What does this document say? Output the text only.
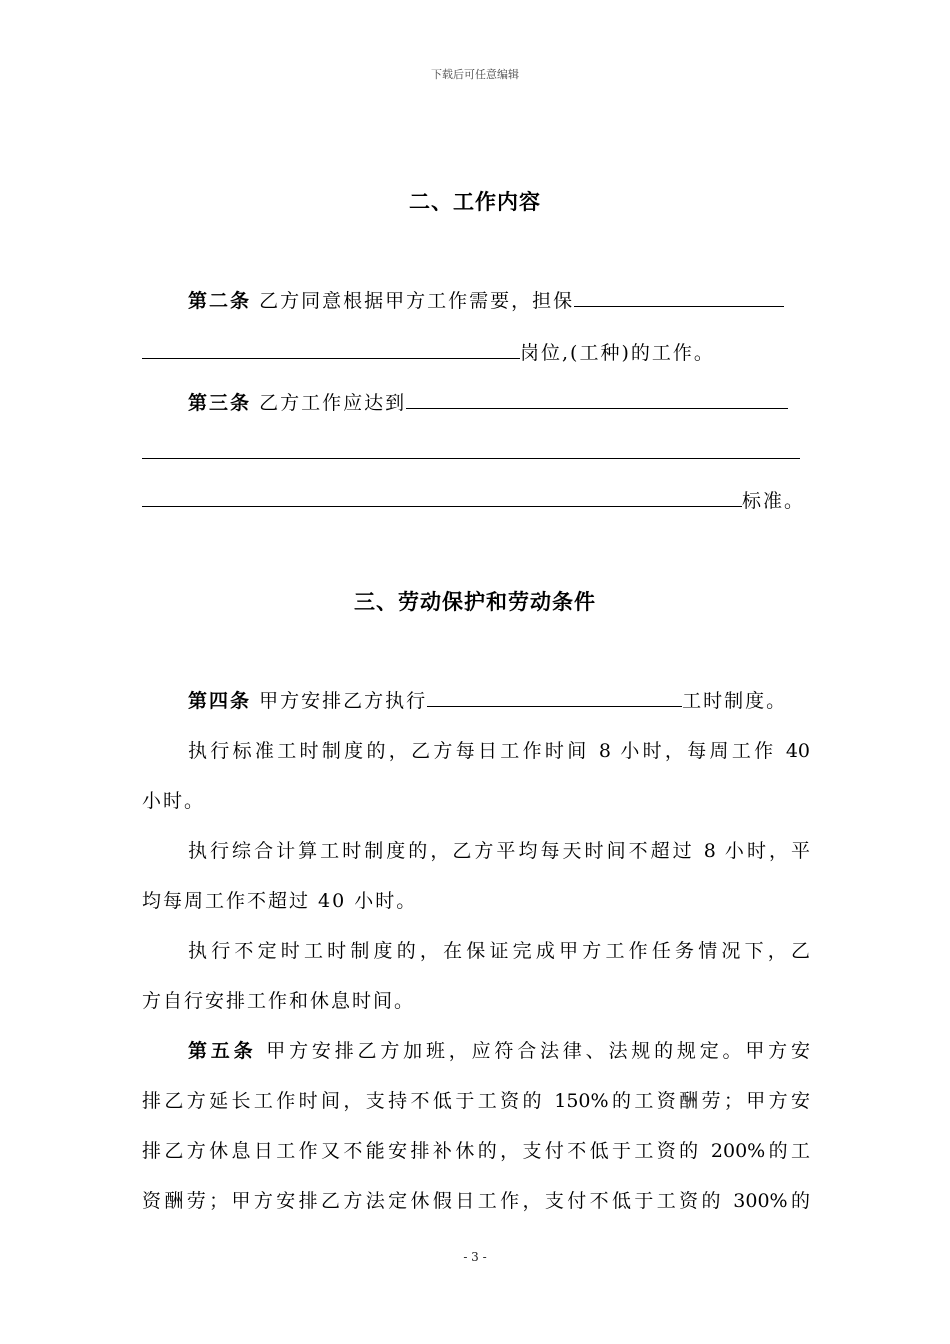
下载后可任意编辑
二、工作内容
第二条 乙方同意根据甲方工作需要，担保
岗位,(工种)的工作。
第三条 乙方工作应达到
标准。
三、劳动保护和劳动条件
第四条 甲方安排乙方执行	工时制度。
执行标准工时制度的，乙方每日工作时间 8 小时，每周工作 40
小时。
执行综合计算工时制度的，乙方平均每天时间不超过 8 小时，平
均每周工作不超过 40 小时。
执行不定时工时制度的，在保证完成甲方工作任务情况下，乙
方自行安排工作和休息时间。
第五条 甲方安排乙方加班，应符合法律、法规的规定。甲方安
排乙方延长工作时间，支持不低于工资的 150%的工资酬劳；甲方安
排乙方休息日工作又不能安排补休的，支付不低于工资的 200%的工
资酬劳；甲方安排乙方法定休假日工作，支付不低于工资的 300%的
- 3 -
